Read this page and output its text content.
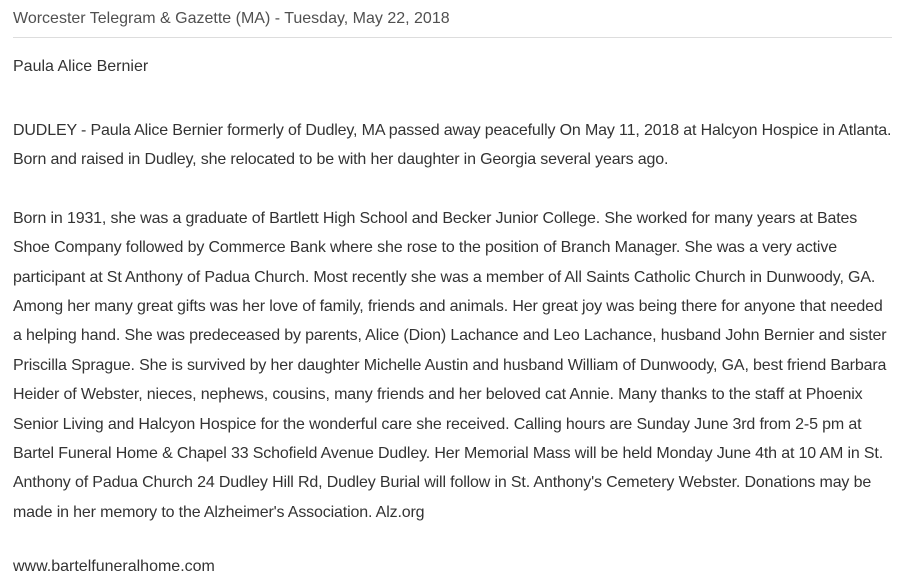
Worcester Telegram & Gazette (MA) - Tuesday, May 22, 2018
Paula Alice Bernier
DUDLEY - Paula Alice Bernier formerly of Dudley, MA passed away peacefully On May 11, 2018 at Halcyon Hospice in Atlanta. Born and raised in Dudley, she relocated to be with her daughter in Georgia several years ago.
Born in 1931, she was a graduate of Bartlett High School and Becker Junior College. She worked for many years at Bates Shoe Company followed by Commerce Bank where she rose to the position of Branch Manager. She was a very active participant at St Anthony of Padua Church. Most recently she was a member of All Saints Catholic Church in Dunwoody, GA. Among her many great gifts was her love of family, friends and animals. Her great joy was being there for anyone that needed a helping hand. She was predeceased by parents, Alice (Dion) Lachance and Leo Lachance, husband John Bernier and sister Priscilla Sprague. She is survived by her daughter Michelle Austin and husband William of Dunwoody, GA, best friend Barbara Heider of Webster, nieces, nephews, cousins, many friends and her beloved cat Annie. Many thanks to the staff at Phoenix Senior Living and Halcyon Hospice for the wonderful care she received. Calling hours are Sunday June 3rd from 2-5 pm at Bartel Funeral Home & Chapel 33 Schofield Avenue Dudley. Her Memorial Mass will be held Monday June 4th at 10 AM in St. Anthony of Padua Church 24 Dudley Hill Rd, Dudley Burial will follow in St. Anthony's Cemetery Webster. Donations may be made in her memory to the Alzheimer's Association. Alz.org
www.bartelfuneralhome.com
